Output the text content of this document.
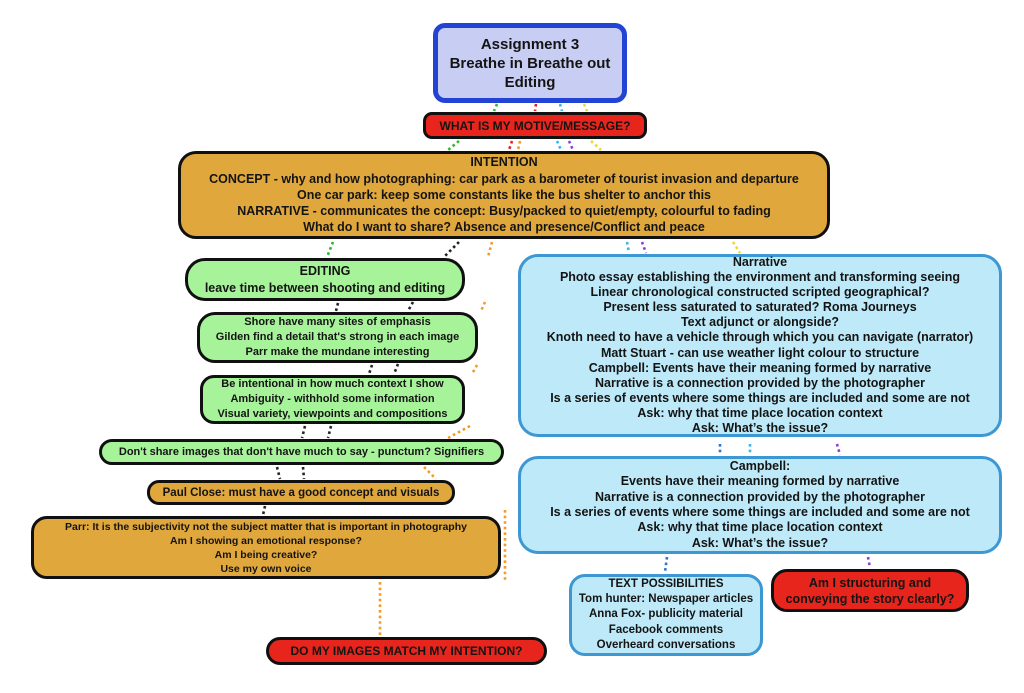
Assignment 3
Breathe in Breathe out
Editing
WHAT IS MY MOTIVE/MESSAGE?
INTENTION
CONCEPT - why and how photographing: car park as a barometer of tourist invasion and departure
One car park: keep some constants like the bus shelter to anchor this
NARRATIVE - communicates the concept: Busy/packed to quiet/empty, colourful to fading
What do I want to share? Absence and presence/Conflict and peace
EDITING
leave time between shooting and editing
Shore have many sites of emphasis
Gilden find a detail that's strong in each image
Parr make the mundane interesting
Be intentional in how much context I show
Ambiguity - withhold some information
Visual variety, viewpoints and compositions
Don't share images that don't have much to say - punctum? Signifiers
Paul Close: must have a good concept and visuals
Parr: It is the subjectivity not the subject matter that is important in photography
Am I showing an emotional response?
Am I being creative?
Use my own voice
Narrative
Photo essay establishing the environment and transforming seeing
Linear chronological constructed scripted geographical?
Present less saturated to saturated? Roma Journeys
Text adjunct or alongside?
Knoth need to have a vehicle through which you can navigate (narrator)
Matt Stuart - can use weather light colour to structure
Campbell: Events have their meaning formed by narrative
Narrative is a connection provided by the photographer
Is a series of events where some things are included and some are not
Ask: why that time place location context
Ask: What’s the issue?
Campbell:
Events have their meaning formed by narrative
Narrative is a connection provided by the photographer
Is a series of events where some things are included and some are not
Ask: why that time place location context
Ask: What’s the issue?
TEXT POSSIBILITIES
Tom hunter: Newspaper articles
Anna Fox- publicity material
Facebook comments
Overheard conversations
Am I structuring and conveying the story clearly?
DO MY IMAGES MATCH MY INTENTION?
